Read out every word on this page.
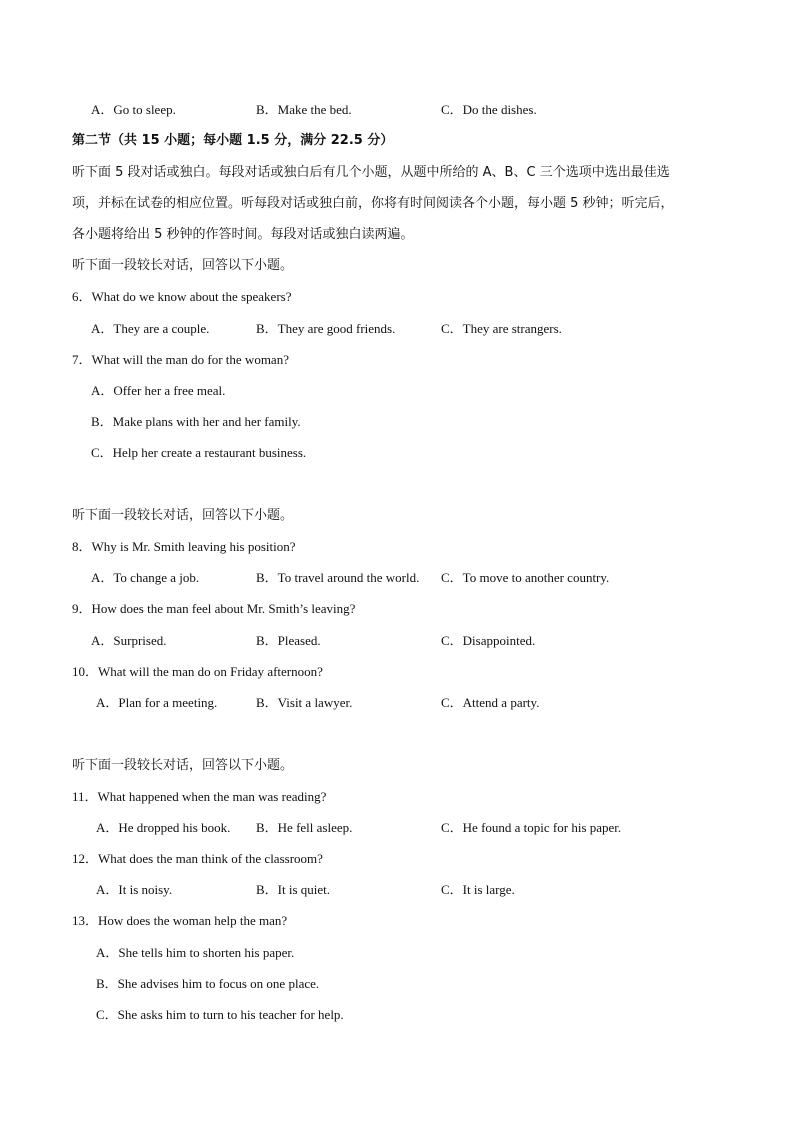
A．Go to sleep.	B．Make the bed.	C．Do the dishes.
第二节（共 15 小题；每小题 1.5 分，满分 22.5 分）
听下面 5 段对话或独白。每段对话或独白后有几个小题，从题中所给的 A、B、C 三个选项中选出最佳选
项，并标在试卷的相应位置。听每段对话或独白前，你将有时间阅读各个小题，每小题 5 秒钟；听完后，
各小题将给出 5 秒钟的作答时间。每段对话或独白读两遍。
听下面一段较长对话，回答以下小题。
6．What do we know about the speakers?
A．They are a couple.	B．They are good friends.	C．They are strangers.
7．What will the man do for the woman?
A．Offer her a free meal.
B．Make plans with her and her family.
C．Help her create a restaurant business.
听下面一段较长对话，回答以下小题。
8．Why is Mr. Smith leaving his position?
A．To change a job.	B．To travel around the world. C．To move to another country.
9．How does the man feel about Mr. Smith’s leaving?
A．Surprised.	B．Pleased.	C．Disappointed.
10．What will the man do on Friday afternoon?
A．Plan for a meeting.	B．Visit a lawyer.	C．Attend a party.
听下面一段较长对话，回答以下小题。
11．What happened when the man was reading?
A．He dropped his book. B．He fell asleep.	C．He found a topic for his paper.
12．What does the man think of the classroom?
A．It is noisy.	B．It is quiet.	C．It is large.
13．How does the woman help the man?
A．She tells him to shorten his paper.
B．She advises him to focus on one place.
C．She asks him to turn to his teacher for help.
